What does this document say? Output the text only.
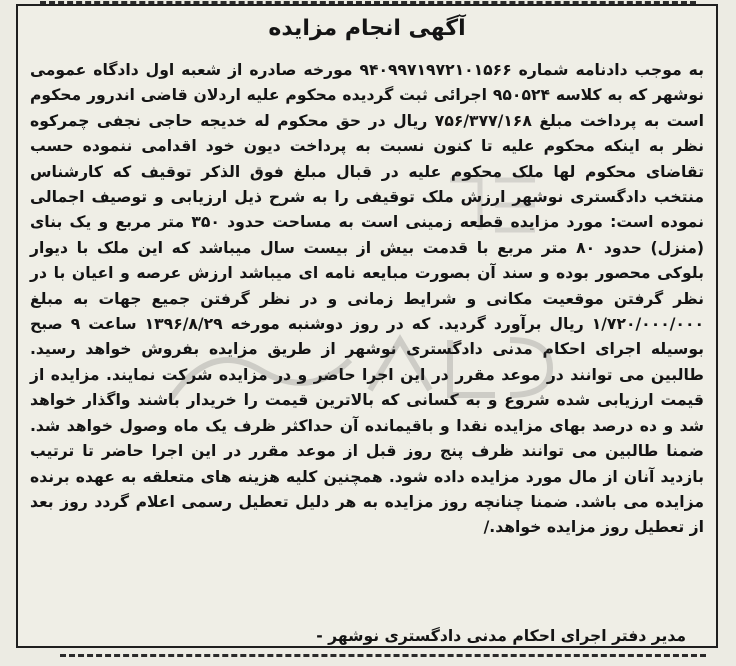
آگهی انجام مزایده
به موجب دادنامه شماره ۹۴۰۹۹۷۱۹۷۲۱۰۱۵۶۶ مورخه صادره از شعبه اول دادگاه عمومی نوشهر که به کلاسه ۹۵۰۵۲۴ اجرائی ثبت گردیده محکوم علیه اردلان قاضی اندرور محکوم است به پرداخت مبلغ ۷۵۶/۳۷۷/۱۶۸ ریال در حق محکوم له خدیجه حاجی نجفی چمرکوه نظر به اینکه محکوم علیه تا کنون نسبت به پرداخت دیون خود اقدامی ننموده حسب تقاضای محکوم لها ملک محکوم علیه در قبال مبلغ فوق الذکر توقیف که کارشناس منتخب دادگستری نوشهر ارزش ملک توقیفی را به شرح ذیل ارزیابی و توصیف اجمالی نموده است: مورد مزایده قطعه زمینی است به مساحت حدود ۳۵۰ متر مربع و یک بنای (منزل) حدود ۸۰ متر مربع با قدمت بیش از بیست سال میباشد که این ملک با دیوار بلوکی محصور بوده و سند آن بصورت مبایعه نامه ای میباشد ارزش عرصه و اعیان با در نظر گرفتن موقعیت مکانی و شرایط زمانی و در نظر گرفتن جمیع جهات به مبلغ ۱/۷۲۰/۰۰۰/۰۰۰ ریال برآورد گردید. که در روز دوشنبه مورخه ۱۳۹۶/۸/۲۹ ساعت ۹ صبح بوسیله اجرای احکام مدنی دادگستری نوشهر از طریق مزایده بفروش خواهد رسید. طالبین می توانند در موعد مقرر در این اجرا حاضر و در مزایده شرکت نمایند. مزایده از قیمت ارزیابی شده شروع و به کسانی که بالاترین قیمت را خریدار باشند واگذار خواهد شد و ده درصد بهای مزایده نقدا و باقیمانده آن حداکثر ظرف یک ماه وصول خواهد شد. ضمنا طالبین می توانند ظرف پنج روز قبل از موعد مقرر در این اجرا حاضر تا ترتیب بازدید آنان از مال مورد مزایده داده شود. همچنین کلیه هزینه های متعلقه به عهده برنده مزایده می باشد. ضمنا چنانچه روز مزایده به هر دلیل تعطیل رسمی اعلام گردد روز بعد از تعطیل روز مزایده خواهد./
مدیر دفتر اجرای احکام مدنی دادگستری نوشهر -
